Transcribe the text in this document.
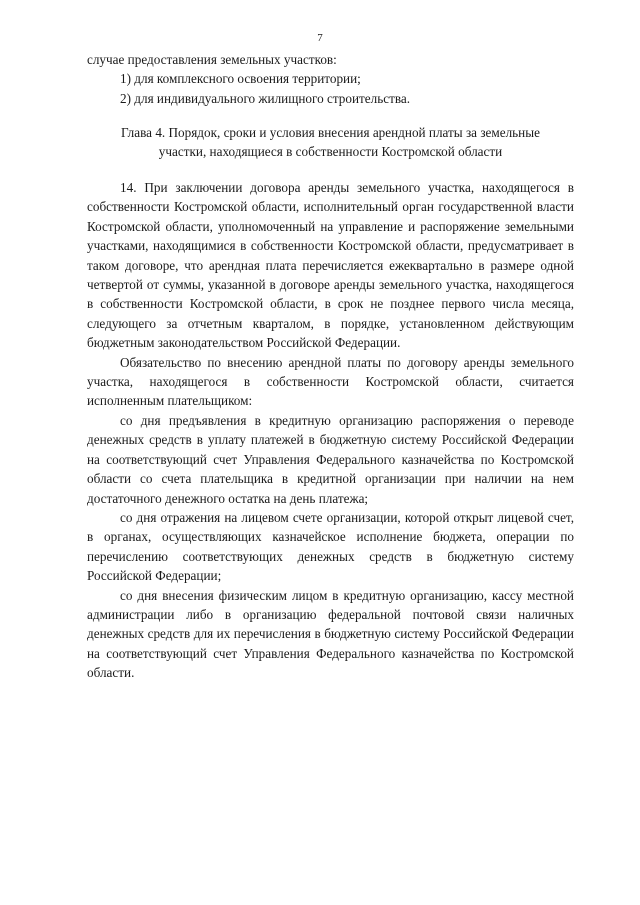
7
случае предоставления земельных участков:
1) для комплексного освоения территории;
2) для индивидуального жилищного строительства.
Глава 4. Порядок, сроки и условия внесения арендной платы за земельные
участки, находящиеся в собственности Костромской области

14. При заключении договора аренды земельного участка, находящегося в собственности Костромской области, исполнительный орган государственной власти Костромской области, уполномоченный на управление и распоряжение земельными участками, находящимися в собственности Костромской области, предусматривает в таком договоре, что арендная плата перечисляется ежеквартально в размере одной четвертой от суммы, указанной в договоре аренды земельного участка, находящегося в собственности Костромской области, в срок не позднее первого числа месяца, следующего за отчетным кварталом, в порядке, установленном действующим бюджетным законодательством Российской Федерации.

Обязательство по внесению арендной платы по договору аренды земельного участка, находящегося в собственности Костромской области, считается исполненным плательщиком:

со дня предъявления в кредитную организацию распоряжения о переводе денежных средств в уплату платежей в бюджетную систему Российской Федерации на соответствующий счет Управления Федерального казначейства по Костромской области со счета плательщика в кредитной организации при наличии на нем достаточного денежного остатка на день платежа;

со дня отражения на лицевом счете организации, которой открыт лицевой счет, в органах, осуществляющих казначейское исполнение бюджета, операции по перечислению соответствующих денежных средств в бюджетную систему Российской Федерации;

со дня внесения физическим лицом в кредитную организацию, кассу местной администрации либо в организацию федеральной почтовой связи наличных денежных средств для их перечисления в бюджетную систему Российской Федерации на соответствующий счет Управления Федерального казначейства по Костромской области.
